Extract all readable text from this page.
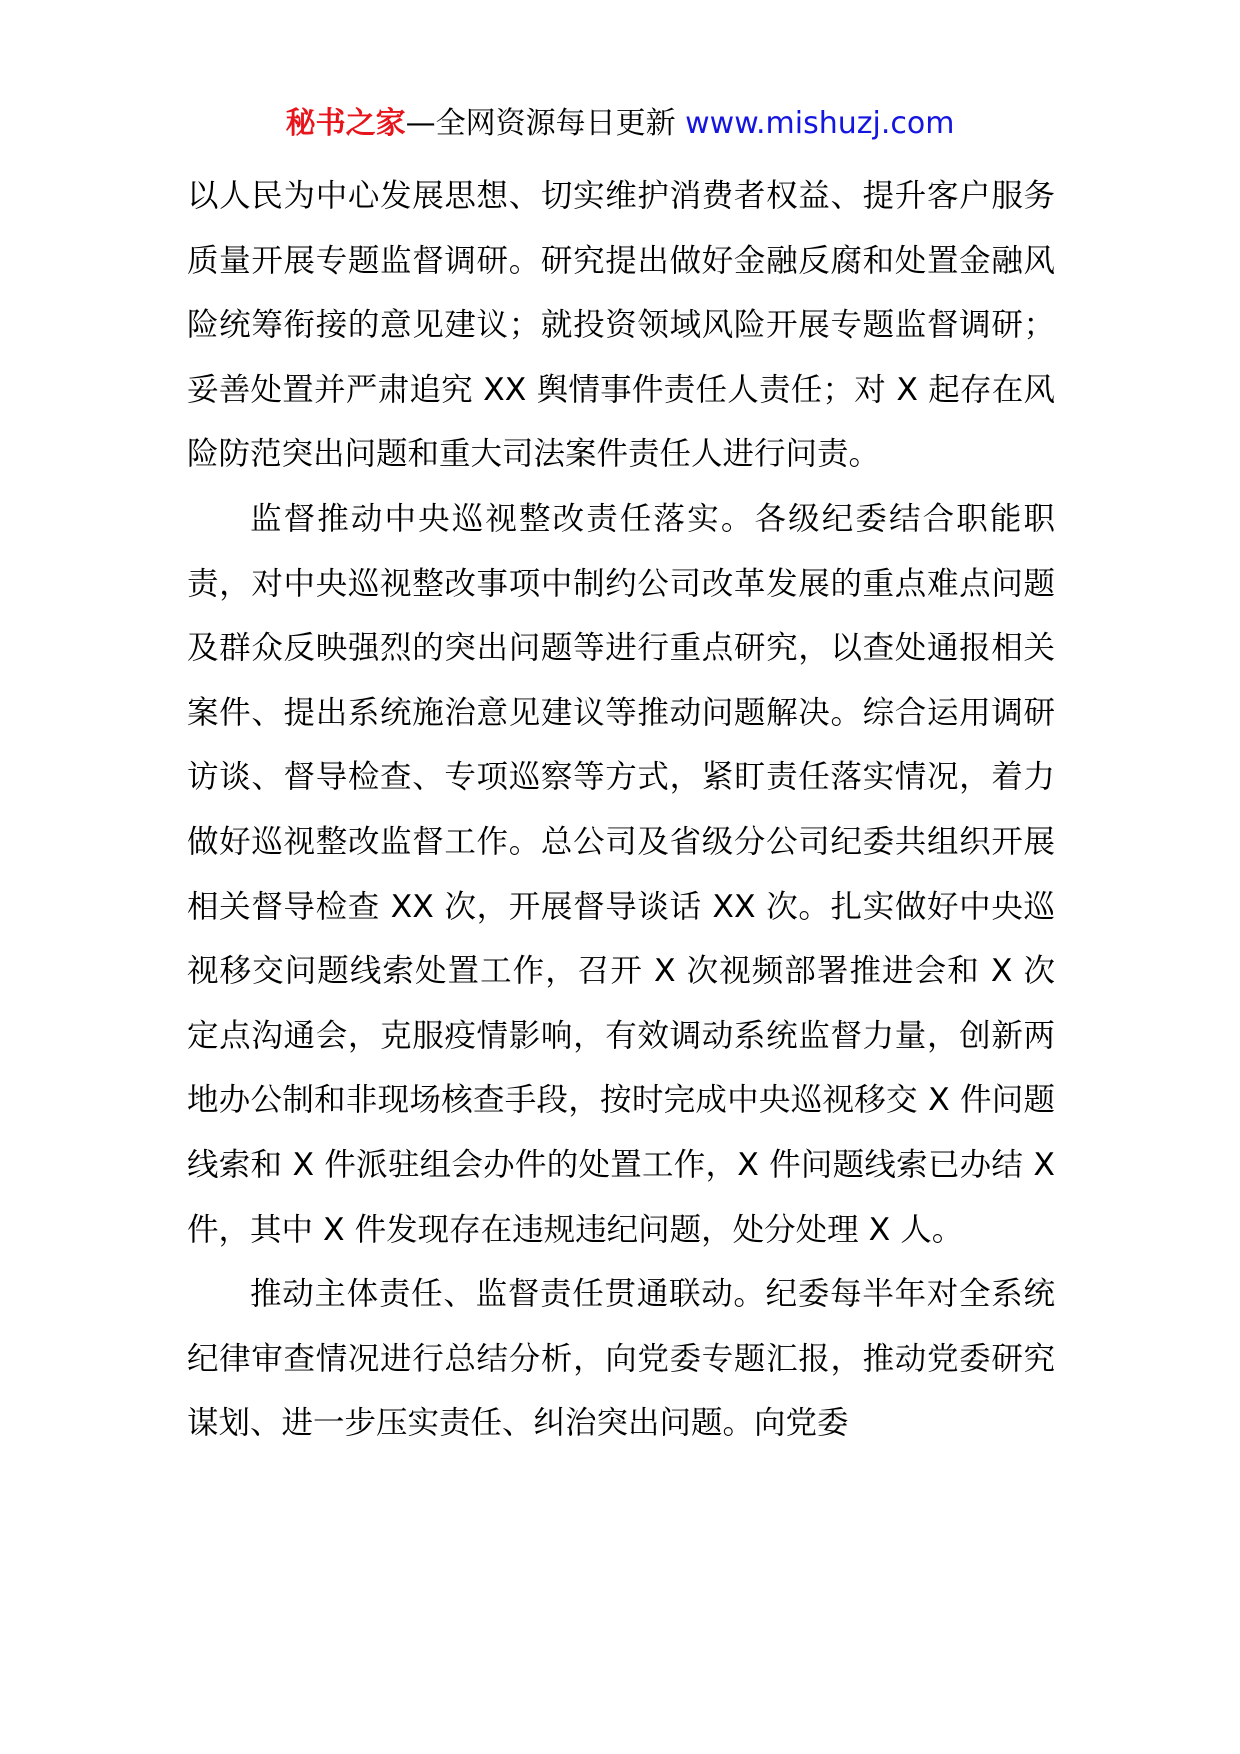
秘书之家—全网资源每日更新 www.mishuzj.com

以人民为中心发展思想、切实维护消费者权益、提升客户服务质量开展专题监督调研。研究提出做好金融反腐和处置金融风险统筹衔接的意见建议；就投资领域风险开展专题监督调研；妥善处置并严肃追究 XX 舆情事件责任人责任；对 X 起存在风险防范突出问题和重大司法案件责任人进行问责。

监督推动中央巡视整改责任落实。各级纪委结合职能职责，对中央巡视整改事项中制约公司改革发展的重点难点问题及群众反映强烈的突出问题等进行重点研究，以查处通报相关案件、提出系统施治意见建议等推动问题解决。综合运用调研访谈、督导检查、专项巡察等方式，紧盯责任落实情况，着力做好巡视整改监督工作。总公司及省级分公司纪委共组织开展相关督导检查 XX 次，开展督导谈话 XX 次。扎实做好中央巡视移交问题线索处置工作，召开 X 次视频部署推进会和 X 次定点沟通会，克服疫情影响，有效调动系统监督力量，创新两地办公制和非现场核查手段，按时完成中央巡视移交 X 件问题线索和 X 件派驻组会办件的处置工作，X 件问题线索已办结 X 件，其中 X 件发现存在违规违纪问题，处分处理 X 人。

推动主体责任、监督责任贯通联动。纪委每半年对全系统纪律审查情况进行总结分析，向党委专题汇报，推动党委研究谋划、进一步压实责任、纠治突出问题。向党委
